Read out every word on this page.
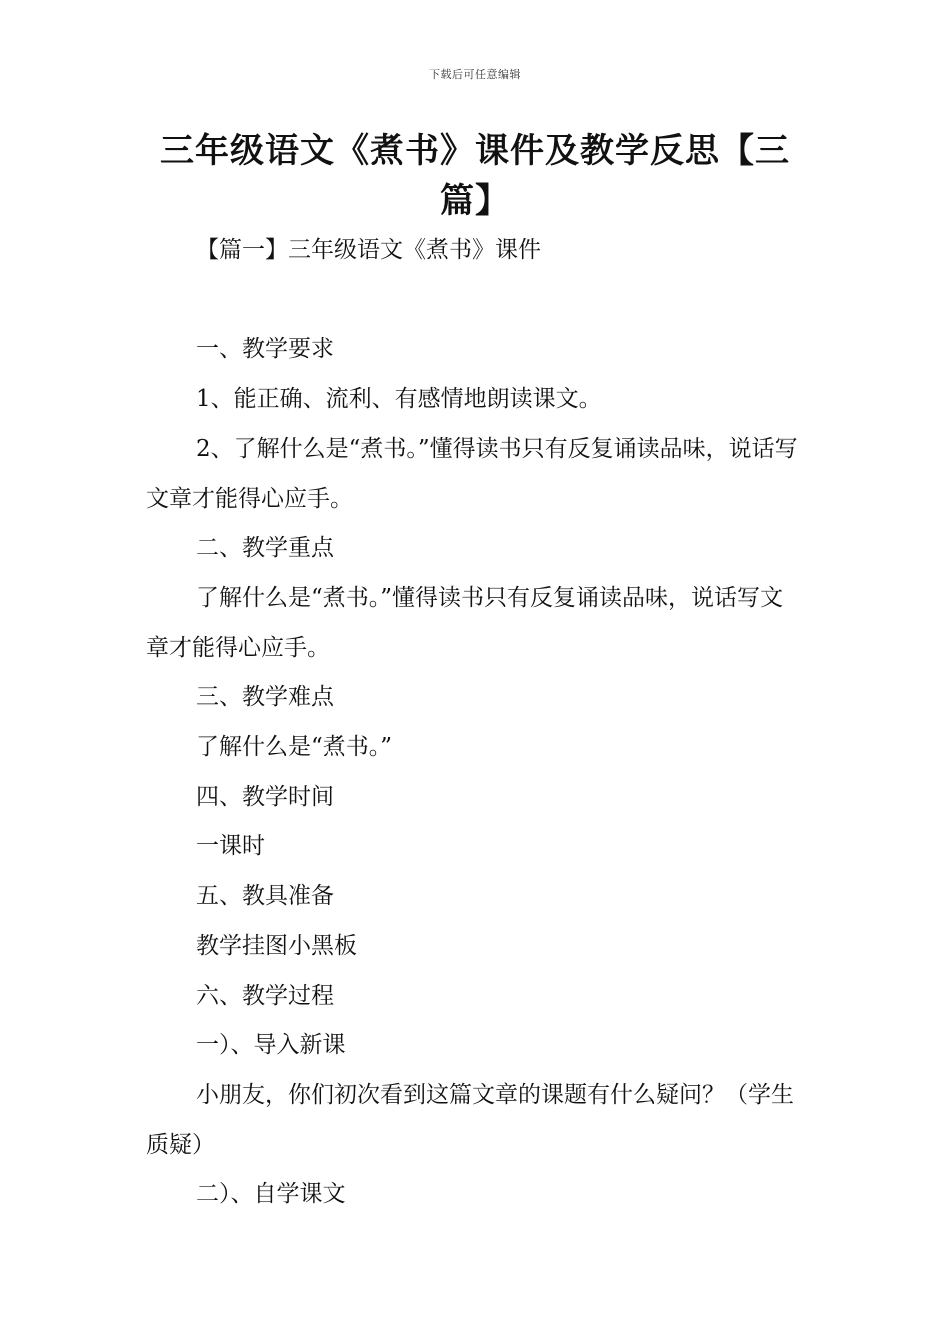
下载后可任意编辑
三年级语文《煮书》课件及教学反思【三篇】

【篇一】三年级语文《煮书》课件

一、教学要求

1、能正确、流利、有感情地朗读课文。

2、了解什么是“煮书。”懂得读书只有反复诵读品味，说话写文章才能得心应手。

二、教学重点

了解什么是“煮书。”懂得读书只有反复诵读品味，说话写文章才能得心应手。

三、教学难点

了解什么是“煮书。”

四、教学时间

一课时

五、教具准备

教学挂图小黑板

六、教学过程

一）、导入新课

小朋友，你们初次看到这篇文章的课题有什么疑问？（学生质疑）

二）、自学课文
